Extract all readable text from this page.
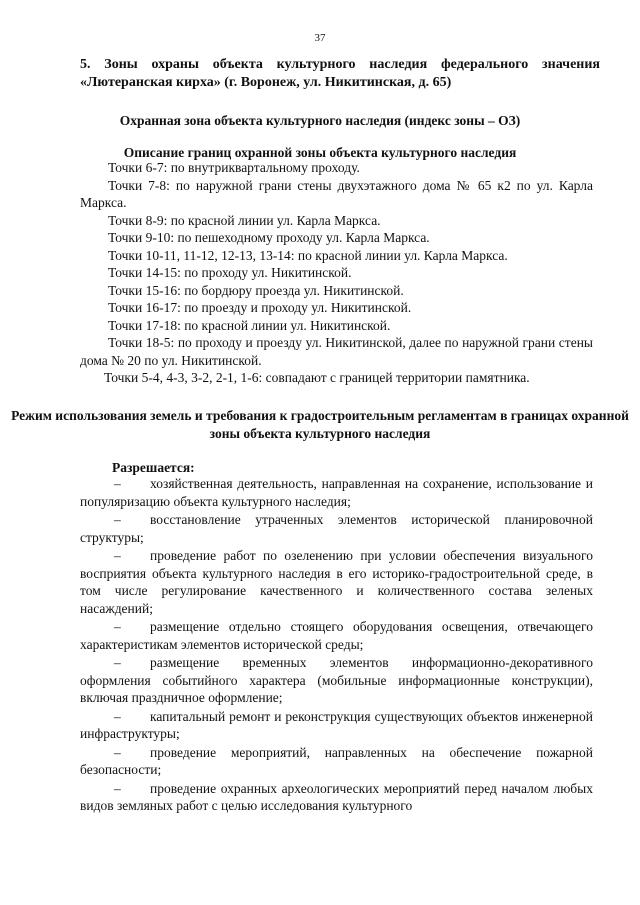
37
5. Зоны охраны объекта культурного наследия федерального значения «Лютеранская кирха» (г. Воронеж, ул. Никитинская, д. 65)
Охранная зона объекта культурного наследия (индекс зоны – ОЗ)
Описание границ охранной зоны объекта культурного наследия

Точки 6-7: по внутриквартальному проходу.

Точки 7-8: по наружной грани стены двухэтажного дома № 65 к2 по ул. Карла Маркса.

Точки 8-9: по красной линии ул. Карла Маркса.

Точки 9-10: по пешеходному проходу ул. Карла Маркса.

Точки 10-11, 11-12, 12-13, 13-14: по красной линии ул. Карла Маркса.

Точки 14-15: по проходу ул. Никитинской.

Точки 15-16: по бордюру проезда ул. Никитинской.

Точки 16-17: по проезду и проходу ул. Никитинской.

Точки 17-18: по красной линии ул. Никитинской.

Точки 18-5: по проходу и проезду ул. Никитинской, далее по наружной грани стены дома № 20 по ул. Никитинской.

Точки 5-4, 4-3, 3-2, 2-1, 1-6: совпадают с границей территории памятника.

Режим использования земель и требования к градостроительным регламентам в границах охранной зоны объекта культурного наследия
Разрешается:

– хозяйственная деятельность, направленная на сохранение, использование и популяризацию объекта культурного наследия;

– восстановление утраченных элементов исторической планировочной структуры;

– проведение работ по озеленению при условии обеспечения визуального восприятия объекта культурного наследия в его историко-градостроительной среде, в том числе регулирование качественного и количественного состава зеленых насаждений;

– размещение отдельно стоящего оборудования освещения, отвечающего характеристикам элементов исторической среды;

– размещение временных элементов информационно-декоративного оформления событийного характера (мобильные информационные конструкции), включая праздничное оформление;

– капитальный ремонт и реконструкция существующих объектов инженерной инфраструктуры;

– проведение мероприятий, направленных на обеспечение пожарной безопасности;

– проведение охранных археологических мероприятий перед началом любых видов земляных работ с целью исследования культурного
